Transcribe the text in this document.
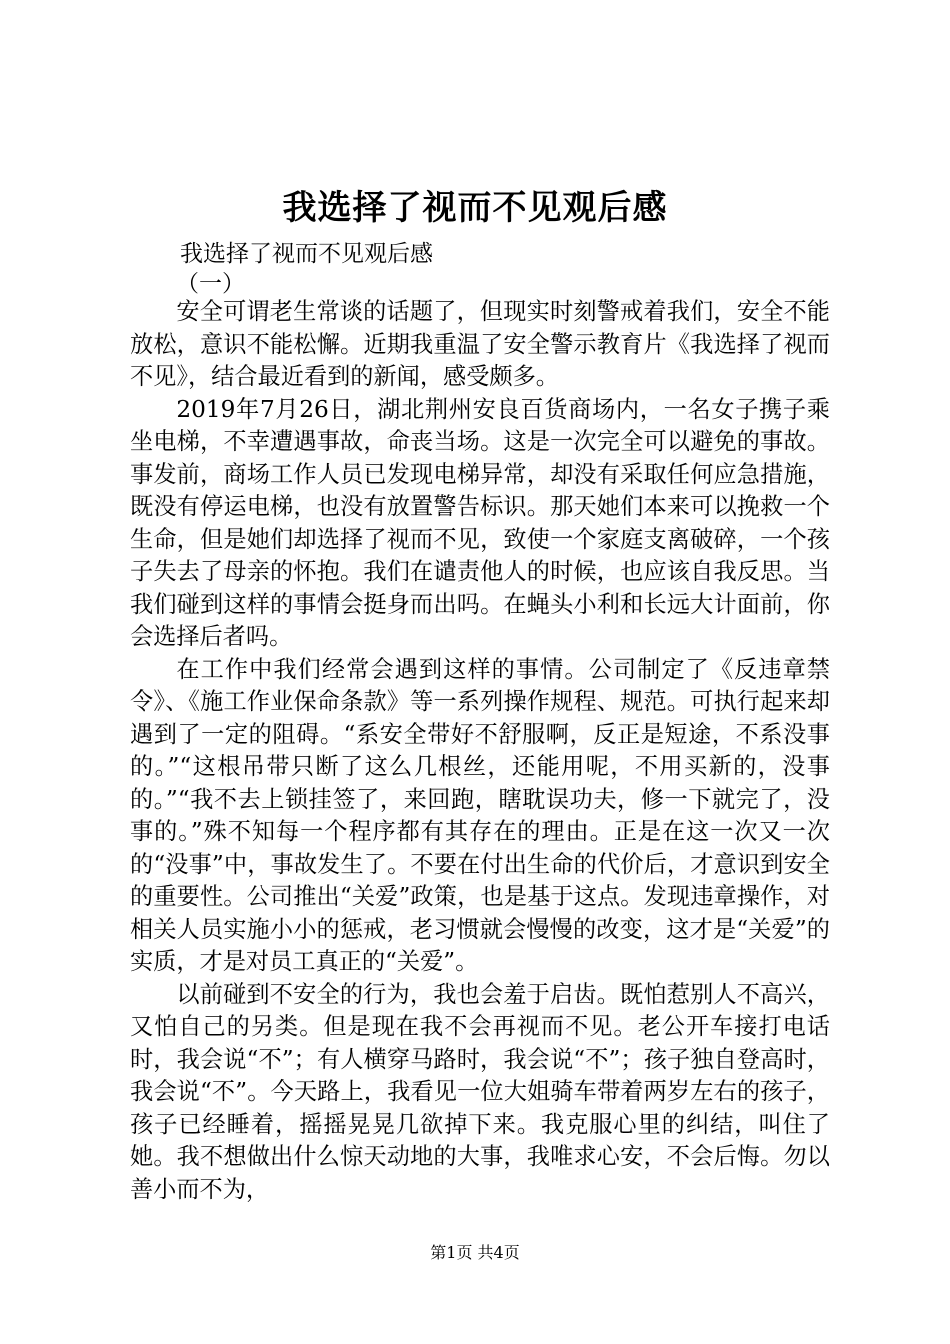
我选择了视而不见观后感
我选择了视而不见观后感
（一）

安全可谓老生常谈的话题了，但现实时刻警戒着我们，安全不能放松，意识不能松懈。近期我重温了安全警示教育片《我选择了视而不见》，结合最近看到的新闻，感受颇多。

2019年7月26日，湖北荆州安良百货商场内，一名女子携子乘坐电梯，不幸遭遇事故，命丧当场。这是一次完全可以避免的事故。事发前，商场工作人员已发现电梯异常，却没有采取任何应急措施，既没有停运电梯，也没有放置警告标识。那天她们本来可以挽救一个生命，但是她们却选择了视而不见，致使一个家庭支离破碎，一个孩子失去了母亲的怀抱。我们在谴责他人的时候，也应该自我反思。当我们碰到这样的事情会挺身而出吗。在蝇头小利和长远大计面前，你会选择后者吗。

在工作中我们经常会遇到这样的事情。公司制定了《反违章禁令》、《施工作业保命条款》等一系列操作规程、规范。可执行起来却遇到了一定的阻碍。“系安全带好不舒服啊，反正是短途，不系没事的。”“这根吊带只断了这么几根丝，还能用呢，不用买新的，没事的。”“我不去上锁挂签了，来回跑，瞎耽误功夫，修一下就完了，没事的。”殊不知每一个程序都有其存在的理由。正是在这一次又一次的“没事”中，事故发生了。不要在付出生命的代价后，才意识到安全的重要性。公司推出“关爱”政策，也是基于这点。发现违章操作，对相关人员实施小小的惩戒，老习惯就会慢慢的改变，这才是“关爱”的实质，才是对员工真正的“关爱”。

以前碰到不安全的行为，我也会羞于启齿。既怕惹别人不高兴，又怕自己的另类。但是现在我不会再视而不见。老公开车接打电话时，我会说“不”；有人横穿马路时，我会说“不”；孩子独自登高时，我会说“不”。今天路上，我看见一位大姐骑车带着两岁左右的孩子，孩子已经睡着，摇摇晃晃几欲掉下来。我克服心里的纠结，叫住了她。我不想做出什么惊天动地的大事，我唯求心安，不会后悔。勿以善小而不为，

第1页 共4页
